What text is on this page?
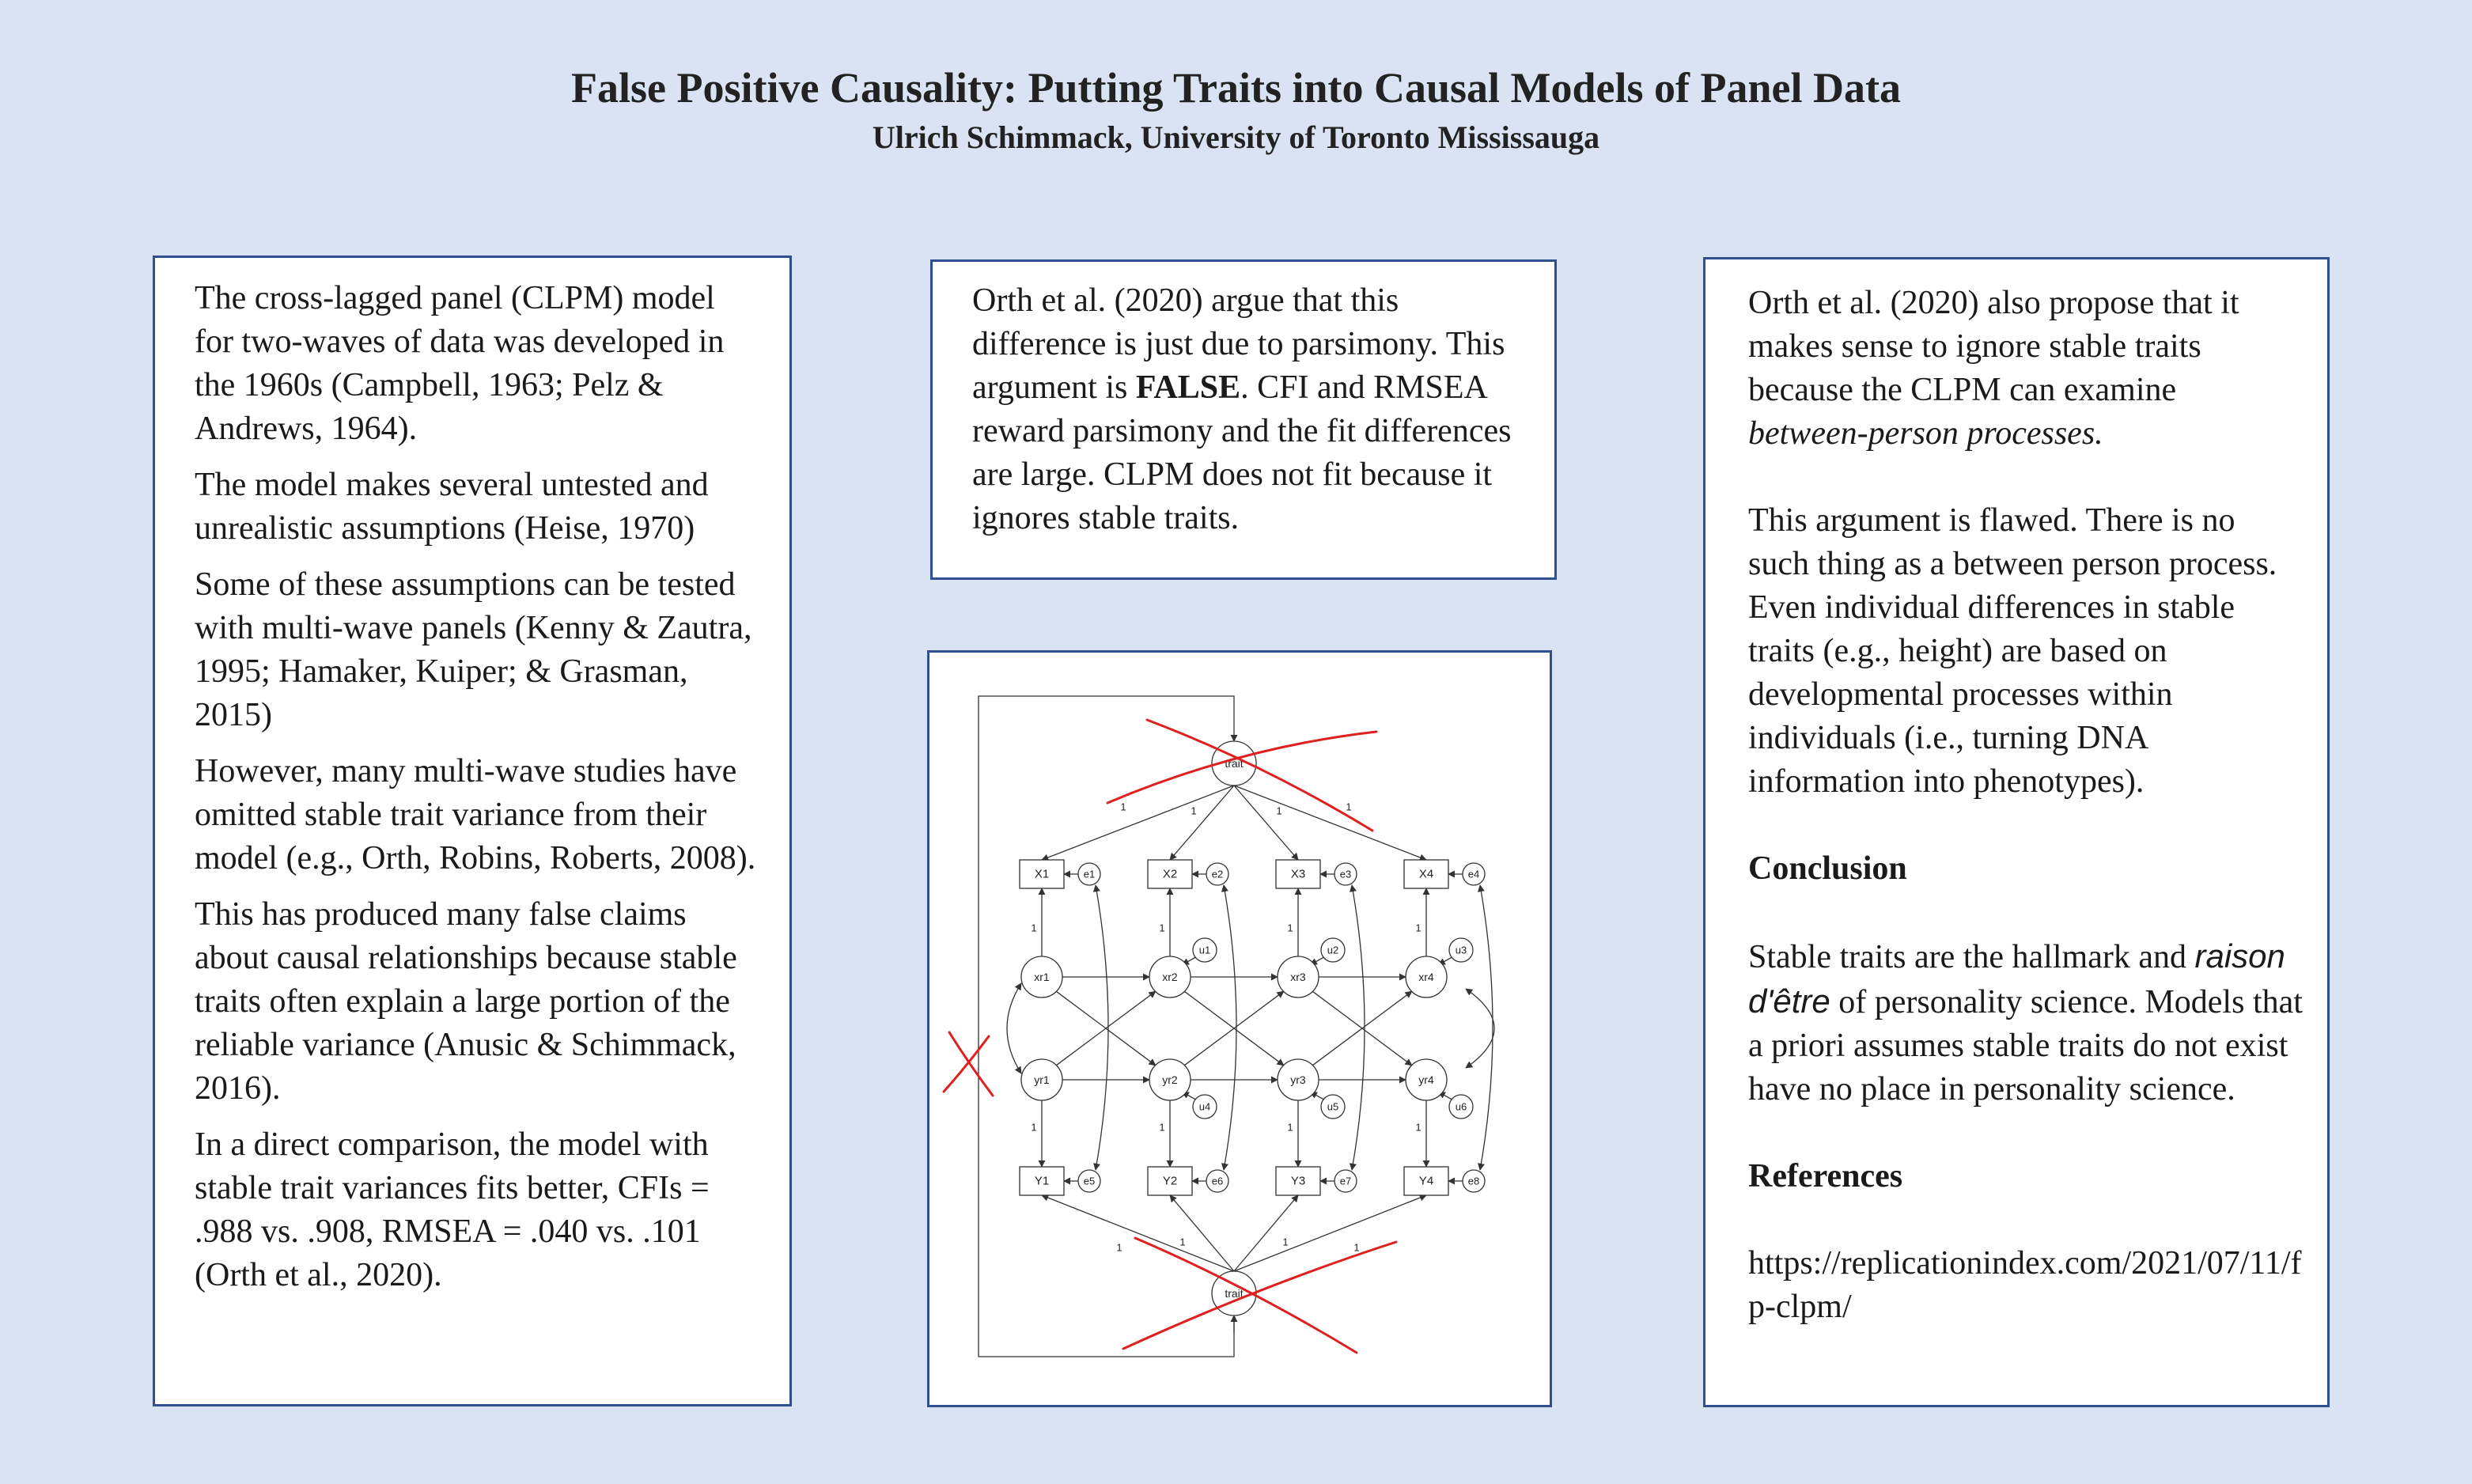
False Positive Causality: Putting Traits into Causal Models of Panel Data
Ulrich Schimmack, University of Toronto Mississauga

The cross-lagged panel (CLPM) model for two-waves of data was developed in the 1960s (Campbell, 1963; Pelz & Andrews, 1964).

The model makes several untested and unrealistic assumptions (Heise, 1970)

Some of these assumptions can be tested with multi-wave panels (Kenny & Zautra, 1995; Hamaker, Kuiper; & Grasman, 2015)

However, many multi-wave studies have omitted stable trait variance from their model (e.g., Orth, Robins, Roberts, 2008).

This has produced many false claims about causal relationships because stable traits often explain a large portion of the reliable variance (Anusic & Schimmack, 2016).

In a direct comparison, the model with stable trait variances fits better, CFIs = .988 vs. .908, RMSEA = .040 vs. .101 (Orth et al., 2020).

Orth et al. (2020) argue that this difference is just due to parsimony. This argument is FALSE. CFI and RMSEA reward parsimony and the fit differences are large. CLPM does not fit because it ignores stable traits.

1	1	1	1
1	1	1	1
1
1
1
1
1
1
1
1
trait
trait
X1
Y1
e1
e5
xr1
yr1
X2
Y2
e2
e6
xr2
yr2
X3
Y3
e3
e7
xr3
yr3
X4
Y4
e4
e8
xr4
yr4
u1
u4
u2
u5
u3
u6

Orth et al. (2020) also propose that it makes sense to ignore stable traits because the CLPM can examine between-person processes.

This argument is flawed. There is no such thing as a between person process. Even individual differences in stable traits (e.g., height) are based on developmental processes within individuals (i.e., turning DNA information into phenotypes).

Conclusion

Stable traits are the hallmark and raison d'être of personality science. Models that a priori assumes stable traits do not exist have no place in personality science.

References

https://replicationindex.com/2021/07/11/fp-clpm/
